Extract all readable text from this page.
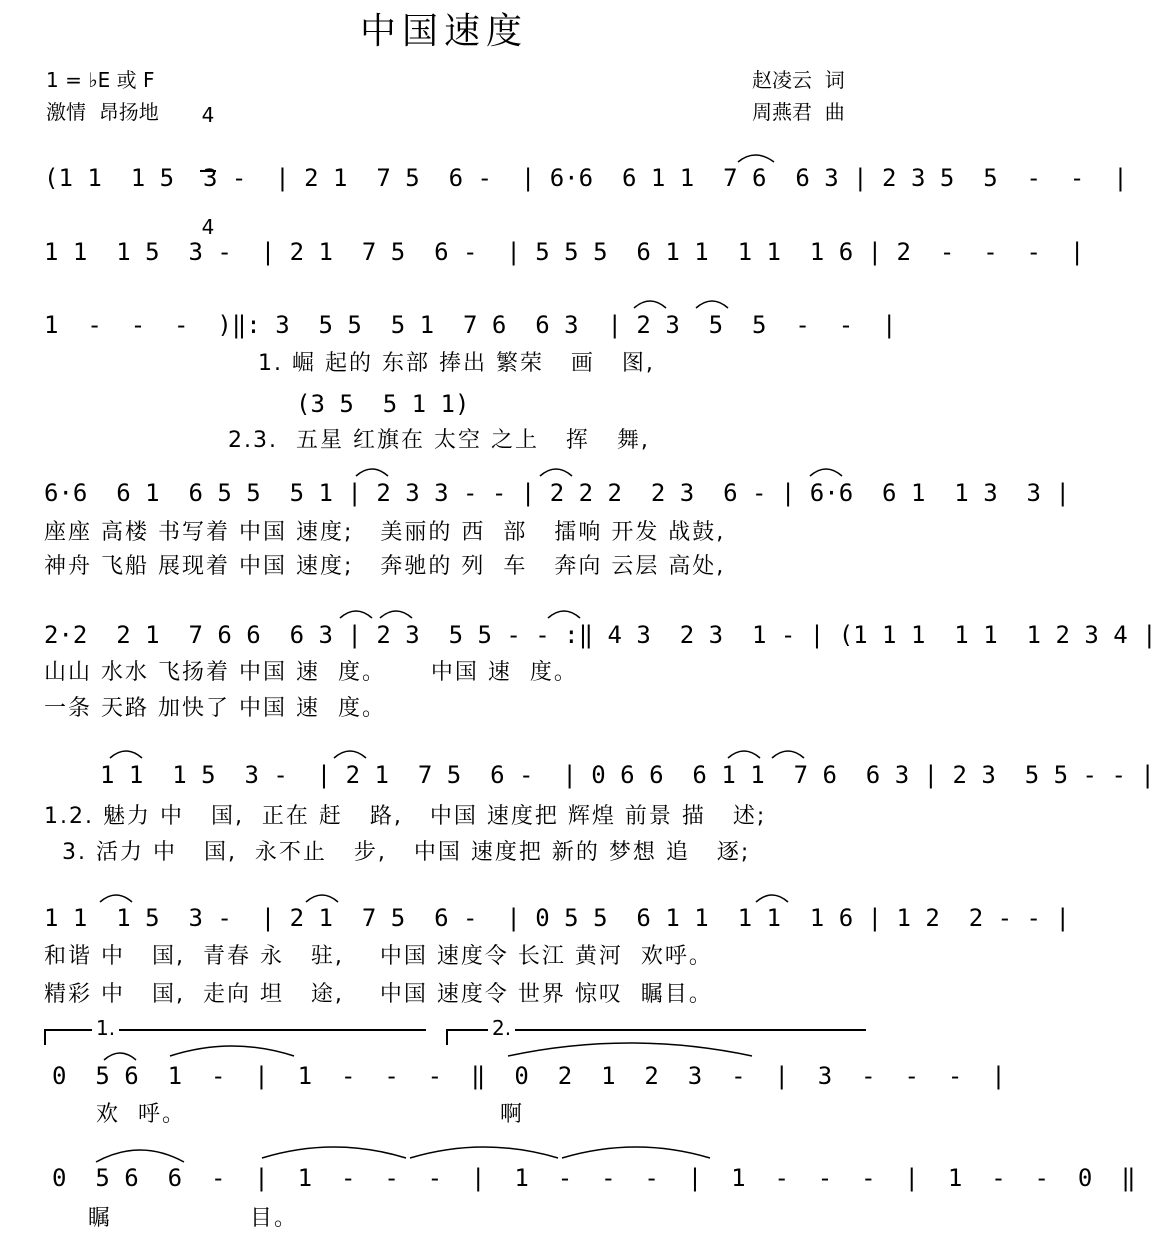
中国速度
1 = ♭E 或 F

4

4

激情  昂扬地
赵凌云  词
周燕君  曲
(1 1  1 5  3 -  | 2 1  7 5  6 -  | 6·6  6 1 1  7 6  6 3 | 2 3 5  5  -  -  |
1 1  1 5  3 -  | 2 1  7 5  6 -  | 5 5 5  6 1 1  1 1  1 6 | 2  -  -  -  |
1  -  -  -  )‖: 3  5 5  5 1  7 6  6 3  | 2 3  5  5  -  -  |
1. 崛 起的 东部 捧出 繁荣   画   图,
(3 5  5 1 1)
2.3.  五星 红旗在 太空 之上   挥   舞,
6·6  6 1  6 5 5  5 1 | 2 3 3 - - | 2 2 2  2 3  6 - | 6·6  6 1  1 3  3 |
座座 高楼 书写着 中国 速度;   美丽的 西  部   擂响 开发 战鼓,
神舟 飞船 展现着 中国 速度;   奔驰的 列  车   奔向 云层 高处,
2·2  2 1  7 6 6  6 3 | 2 3  5 5 - - :‖ 4 3  2 3  1 - | (1 1 1  1 1  1 2 3 4 |
山山 水水 飞扬着 中国 速  度。     中国 速  度。
一条 天路 加快了 中国 速  度。
1 1  1 5  3 -  | 2 1  7 5  6 -  | 0 6 6  6 1 1  7 6  6 3 | 2 3  5 5 - - |
1.2. 魅力 中   国,  正在 赶   路,   中国 速度把 辉煌 前景 描   述;
3. 活力 中   国,  永不止   步,   中国 速度把 新的 梦想 追   逐;
1 1  1 5  3 -  | 2 1  7 5  6 -  | 0 5 5  6 1 1  1 1  1 6 | 1 2  2 - - |
和谐 中   国,  青春 永   驻,    中国 速度令 长江 黄河  欢呼。
精彩 中   国,  走向 坦   途,    中国 速度令 世界 惊叹  瞩目。
1.	2.
0  5 6  1  -  |  1  -  -  -  ‖  0  2  1  2  3  -  |  3  -  -  -  |
欢  呼。	啊
0  5 6  6  -  |  1  -  -  -  |  1  -  -  -  |  1  -  -  -  |  1  -  -  0  ‖
瞩	目。
